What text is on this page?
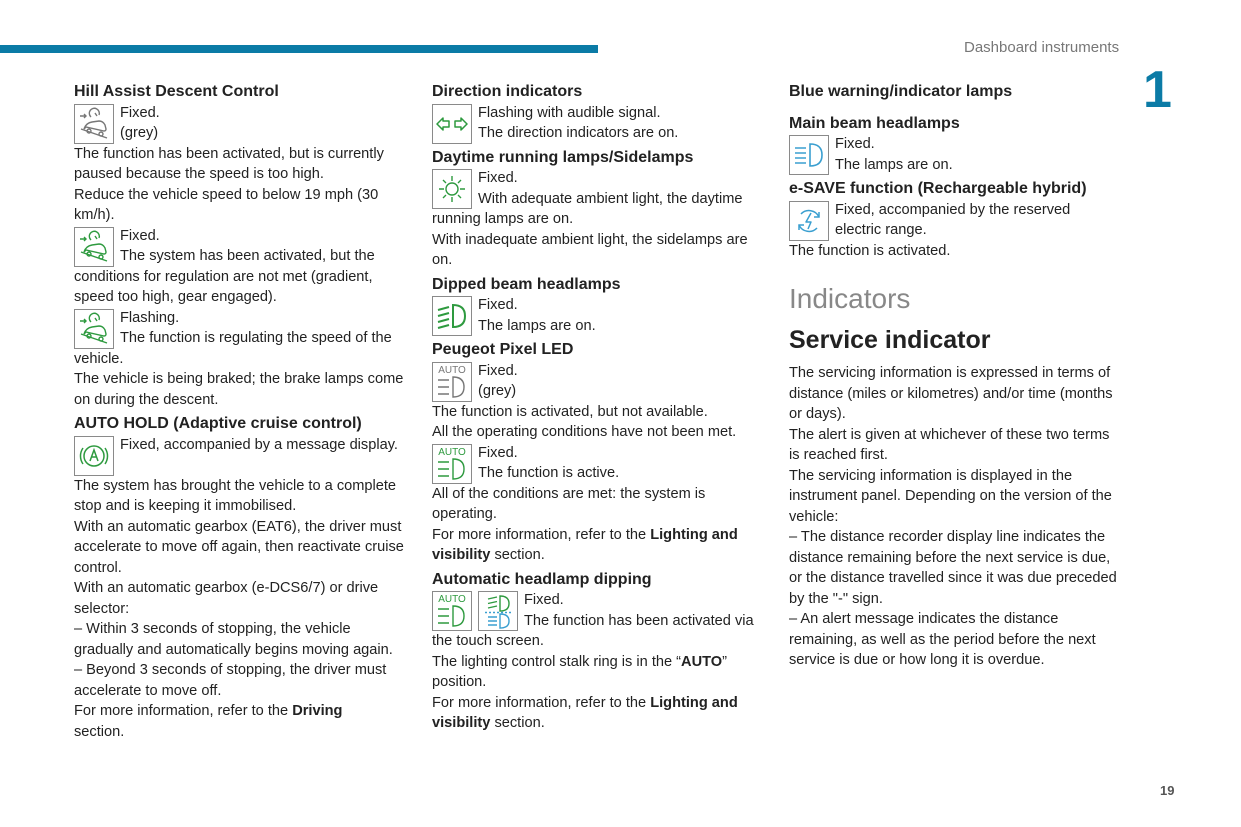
Dashboard instruments
1
19
Hill Assist Descent Control
Fixed.
(grey)

The function has been activated, but is currently paused because the speed is too high.

Reduce the vehicle speed to below 19 mph (30 km/h).

Fixed.
The system has been activated, but the conditions for regulation are not met (gradient, speed too high, gear engaged).
Flashing.
The function is regulating the speed of the vehicle.

The vehicle is being braked; the brake lamps come on during the descent.

AUTO HOLD (Adaptive cruise control)
Fixed, accompanied by a message display.

The system has brought the vehicle to a complete stop and is keeping it immobilised.

With an automatic gearbox (EAT6), the driver must accelerate to move off again, then reactivate cruise control.

With an automatic gearbox (e-DCS6/7) or drive selector:

– Within 3 seconds of stopping, the vehicle gradually and automatically begins moving again.

– Beyond 3 seconds of stopping, the driver must accelerate to move off.

For more information, refer to the Driving
section.

Direction indicators
Flashing with audible signal.
The direction indicators are on.
Daytime running lamps/Sidelamps
Fixed.
With adequate ambient light, the daytime running lamps are on.

With inadequate ambient light, the sidelamps are on.

Dipped beam headlamps
Fixed.
The lamps are on.
Peugeot Pixel LED
AUTO Fixed.
(grey)

The function is activated, but not available.

All the operating conditions have not been met.

AUTO Fixed.
The function is active.

All of the conditions are met: the system is operating.

For more information, refer to the Lighting and visibility section.

Automatic headlamp dipping
AUTO	Fixed.
The function has been activated via the touch screen.

The lighting control stalk ring is in the “AUTO” position.

For more information, refer to the Lighting and visibility section.

Blue warning/indicator lamps
Main beam headlamps
Fixed.
The lamps are on.
e-SAVE function (Rechargeable hybrid)
Fixed, accompanied by the reserved electric range.

The function is activated.

Indicators
Service indicator

The servicing information is expressed in terms of distance (miles or kilometres) and/or time (months or days).

The alert is given at whichever of these two terms is reached first.

The servicing information is displayed in the instrument panel. Depending on the version of the vehicle:

– The distance recorder display line indicates the distance remaining before the next service is due, or the distance travelled since it was due preceded by the "-" sign.

– An alert message indicates the distance remaining, as well as the period before the next service is due or how long it is overdue.
